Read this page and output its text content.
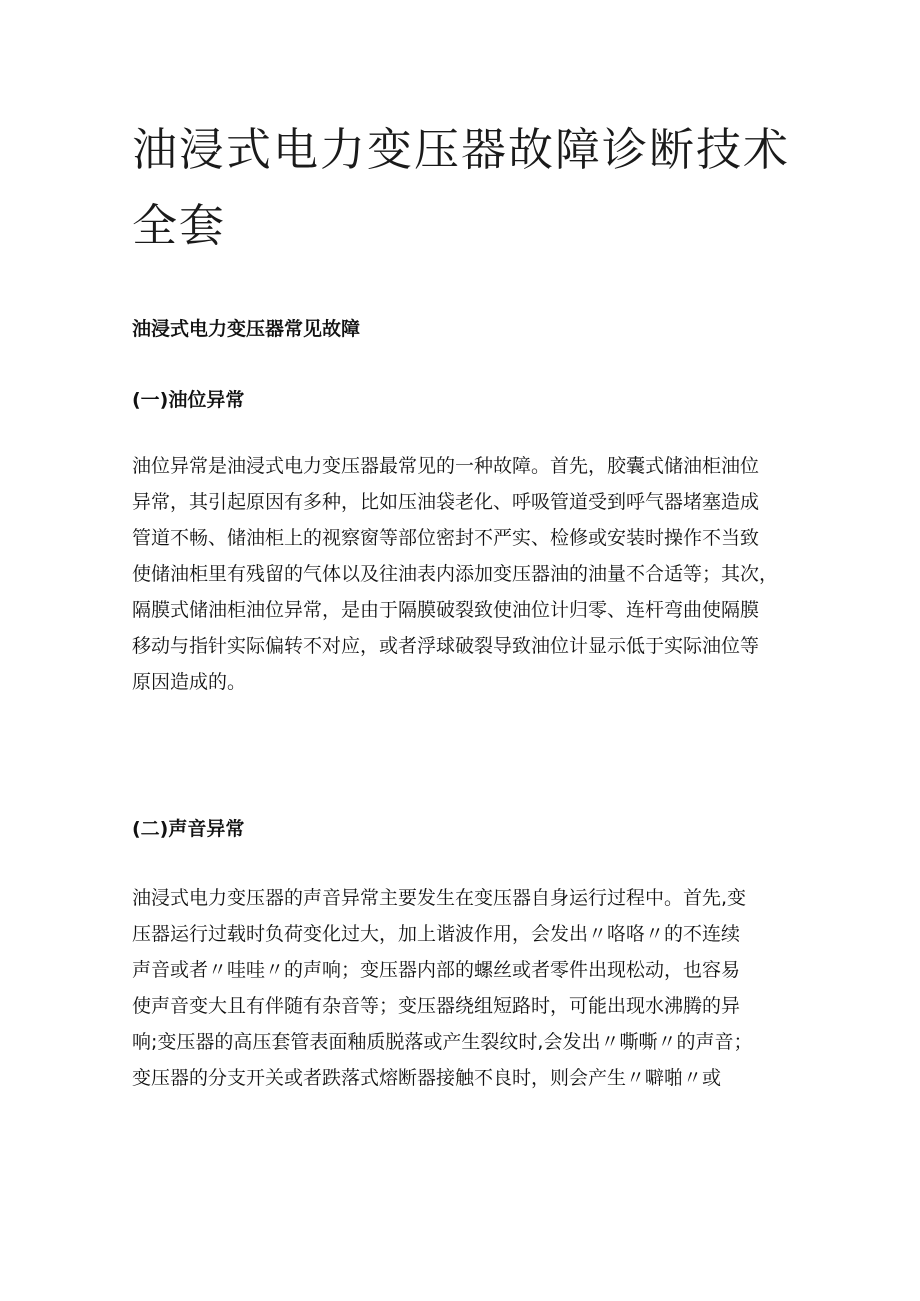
油浸式电力变压器故障诊断技术全套
油浸式电力变压器常见故障
(一)油位异常
油位异常是油浸式电力变压器最常见的一种故障。首先，胶囊式储油柜油位
异常，其引起原因有多种，比如压油袋老化、呼吸管道受到呼气器堵塞造成
管道不畅、储油柜上的视察窗等部位密封不严实、检修或安装时操作不当致
使储油柜里有残留的气体以及往油表内添加变压器油的油量不合适等；其次，
隔膜式储油柜油位异常，是由于隔膜破裂致使油位计归零、连杆弯曲使隔膜
移动与指针实际偏转不对应，或者浮球破裂导致油位计显示低于实际油位等
原因造成的。
(二)声音异常
油浸式电力变压器的声音异常主要发生在变压器自身运行过程中。首先,变
压器运行过载时负荷变化过大，加上谐波作用，会发出〃咯咯〃的不连续
声音或者〃哇哇〃的声响；变压器内部的螺丝或者零件出现松动，也容易
使声音变大且有伴随有杂音等；变压器绕组短路时，可能出现水沸腾的异
响;变压器的高压套管表面釉质脱落或产生裂纹时,会发出〃嘶嘶〃的声音；
变压器的分支开关或者跌落式熔断器接触不良时，则会产生〃噼啪〃或
